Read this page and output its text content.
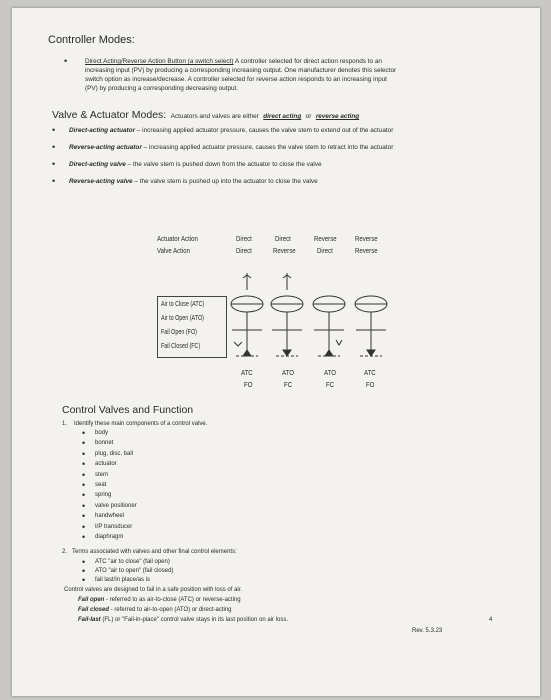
Controller Modes:
•	Direct Acting/Reverse Action Button (a switch select) A controller selected for direct action responds to an
increasing input (PV) by producing a corresponding increasing output. One manufacturer denotes this selector
switch option as increase/decrease. A controller selected for reverse action responds to an increasing input
(PV) by producing a corresponding decreasing output.
Valve & Actuator Modes: Actuators and valves are either direct acting or reverse acting
• Direct-acting actuator – increasing applied actuator pressure, causes the valve stem to extend out of the actuator
• Reverse-acting actuator – increasing applied actuator pressure, causes the valve stem to retract into the actuator
• Direct-acting valve – the valve stem is pushed down from the actuator to close the valve
• Reverse-acting valve – the valve stem is pushed up into the actuator to close the valve
Actuator Action
Valve Action
Direct
Direct
Direct
Reverse
Reverse
Direct
Reverse
Reverse
Air to Close (ATC)
Air to Open (ATO)
Fail Open (FO)
Fail Closed (FC)
ATC
FO
ATO
FC
ATO
FC
ATC
FO
Control Valves and Function
1. Identify these main components of a control valve.
• body
• bonnet
• plug, disc, ball
• actuator
• stem
• seat
• spring
• valve positioner
• handwheel
• I/P transducer
• diaphragm
2. Terms associated with valves and other final control elements:
• ATC "air to close" (fail open)
• ATO "air to open" (fail closed)
• fail last/in place/as is
Control valves are designed to fail in a safe position with loss of air.
Fail open - referred to as air-to-close (ATC) or reverse-acting
Fail closed - referred to air-to-open (ATO) or direct-acting
Fail-last (FL) or "Fail-in-place" control valve stays in its last position on air loss.
Rev. 5.3.23
4
